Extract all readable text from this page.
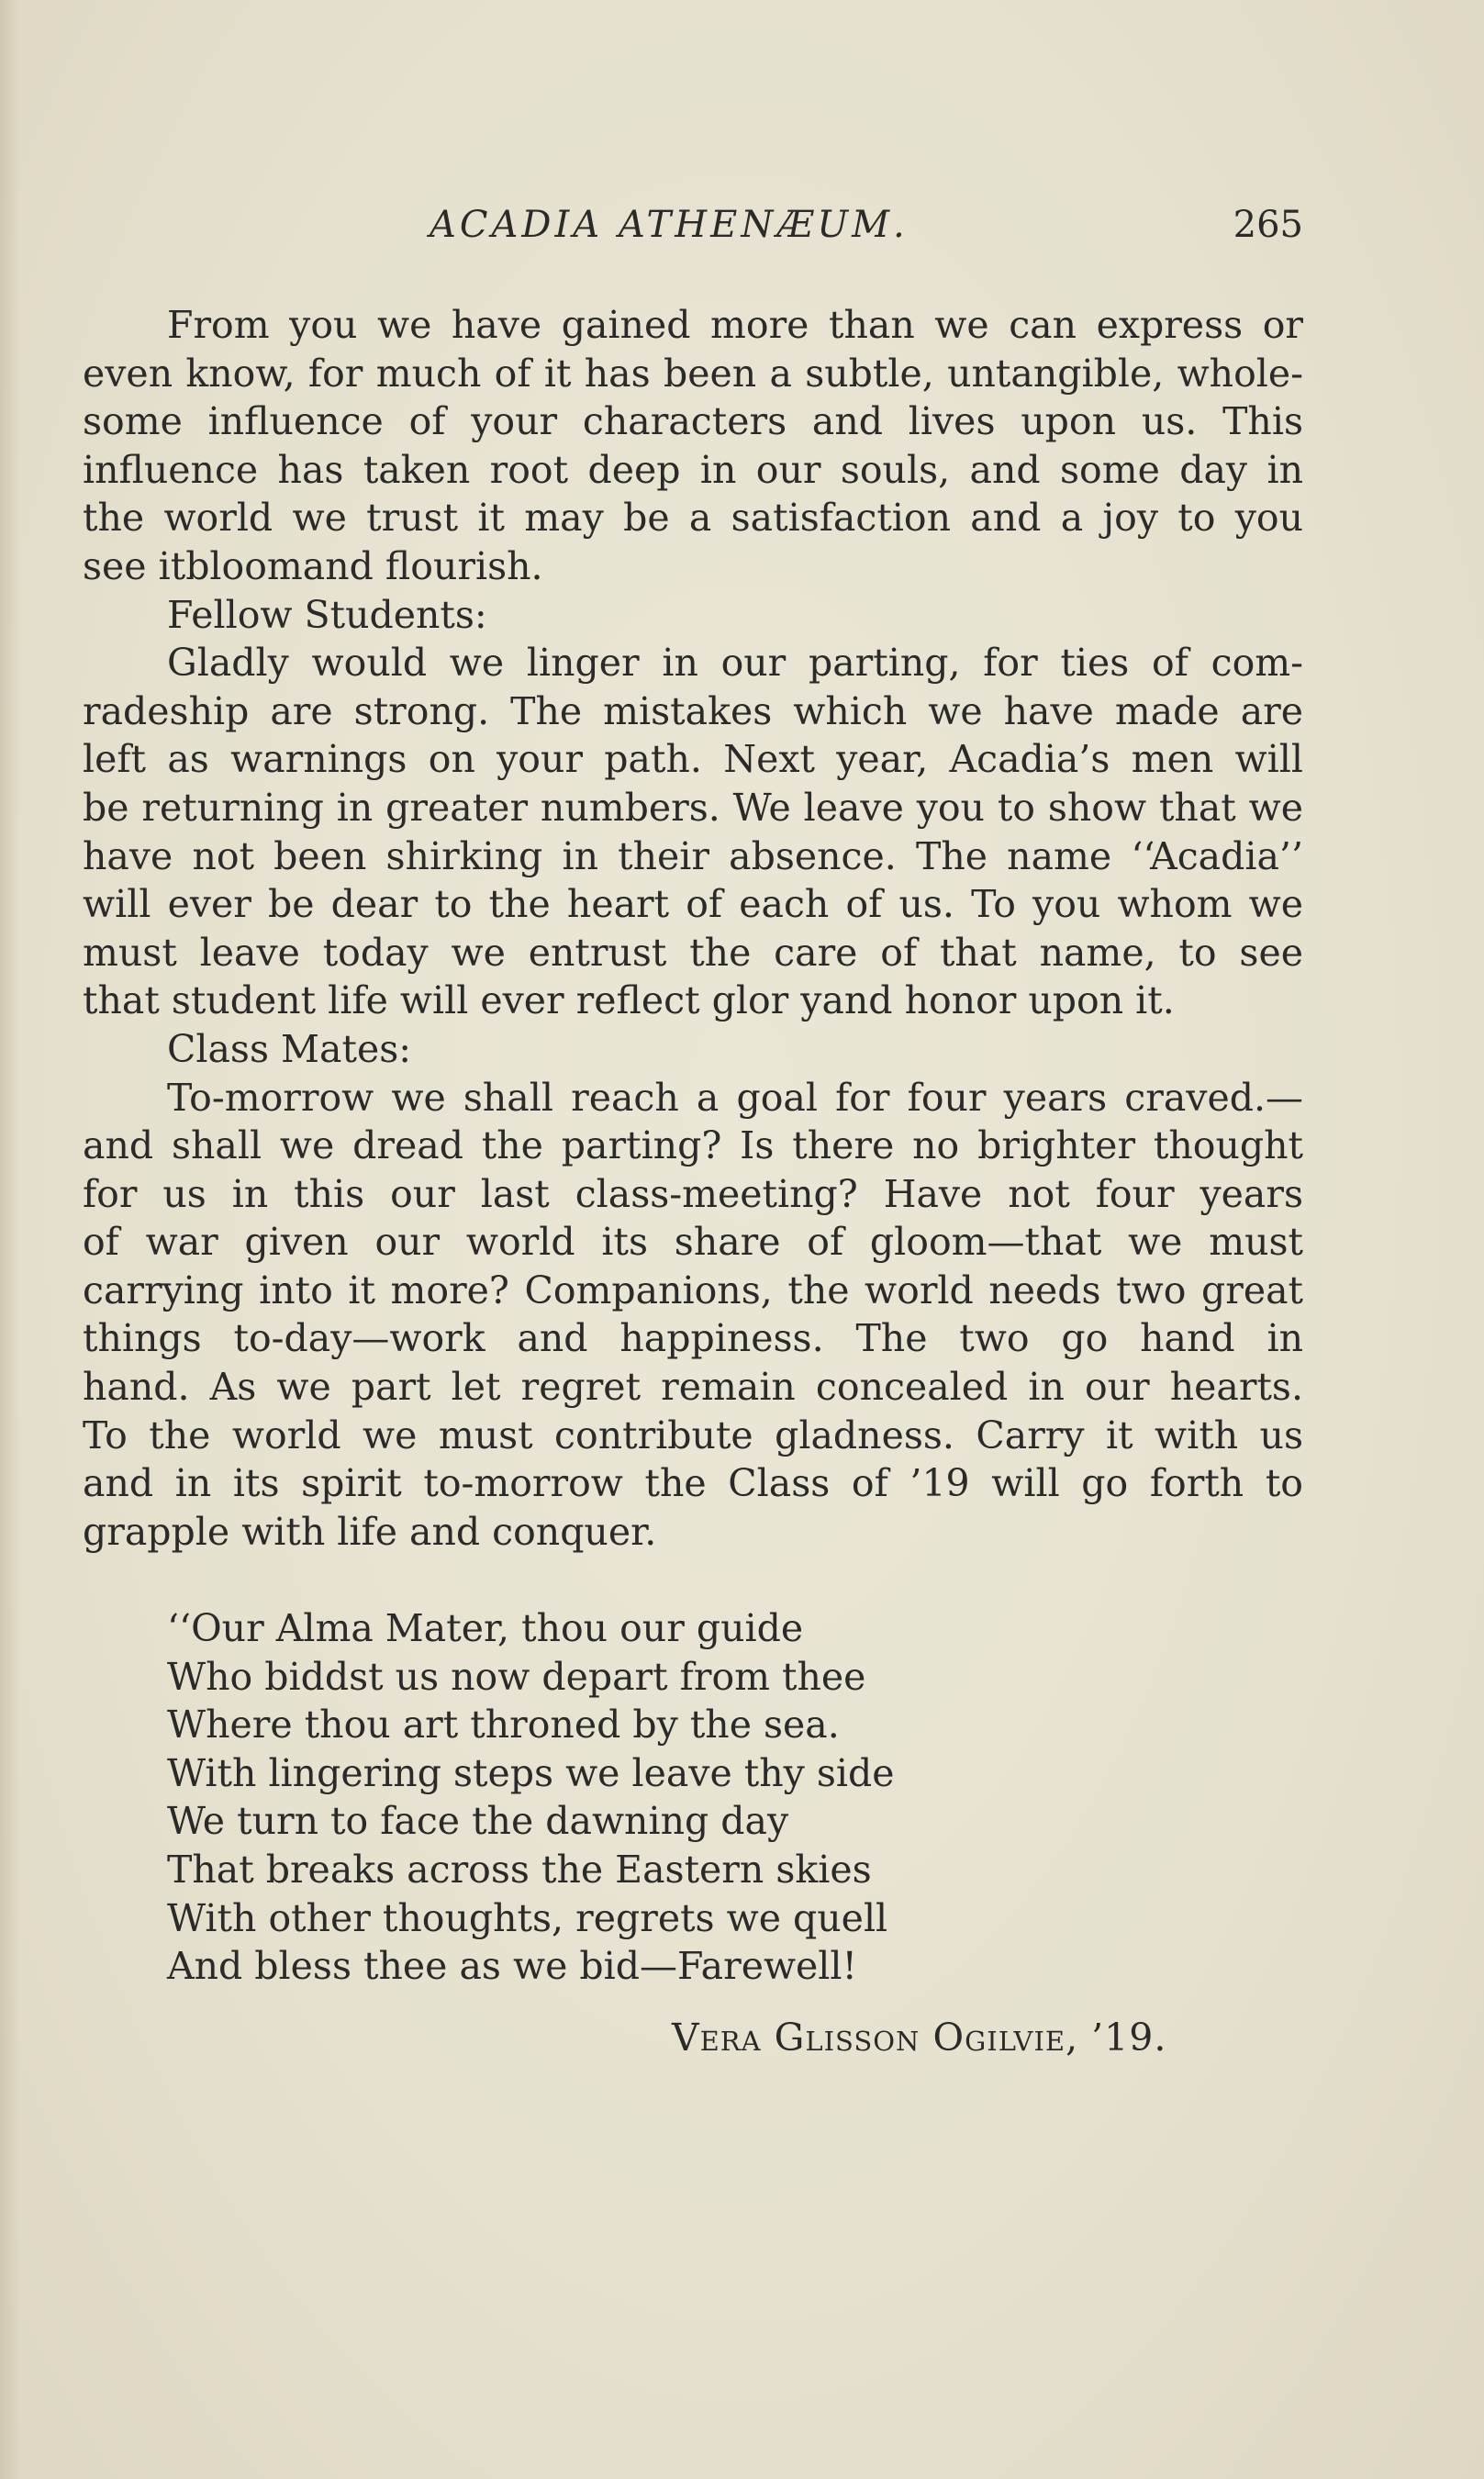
ACADIA ATHENÆUM.	265
From you we have gained more than we can express or
even know, for much of it has been a subtle, untangible, whole-
some influence of your characters and lives upon us. This
influence has taken root deep in our souls, and some day in
the world we trust it may be a satisfaction and a joy to you
see itbloomand flourish.
Fellow Students:
Gladly would we linger in our parting, for ties of com-
radeship are strong. The mistakes which we have made are
left as warnings on your path. Next year, Acadia’s men will
be returning in greater numbers. We leave you to show that we
have not been shirking in their absence. The name ‘‘Acadia’’
will ever be dear to the heart of each of us. To you whom we
must leave today we entrust the care of that name, to see
that student life will ever reflect glor yand honor upon it.
Class Mates:
To-morrow we shall reach a goal for four years craved.—
and shall we dread the parting? Is there no brighter thought
for us in this our last class-meeting? Have not four years
of war given our world its share of gloom—that we must
carrying into it more? Companions, the world needs two great
things to-day—work and happiness. The two go hand in
hand. As we part let regret remain concealed in our hearts.
To the world we must contribute gladness. Carry it with us
and in its spirit to-morrow the Class of ’19 will go forth to
grapple with life and conquer.
‘‘Our Alma Mater, thou our guide
Who biddst us now depart from thee
Where thou art throned by the sea.
With lingering steps we leave thy side
We turn to face the dawning day
That breaks across the Eastern skies
With other thoughts, regrets we quell
And bless thee as we bid—Farewell!
Vera Glisson Ogilvie, ’19.
